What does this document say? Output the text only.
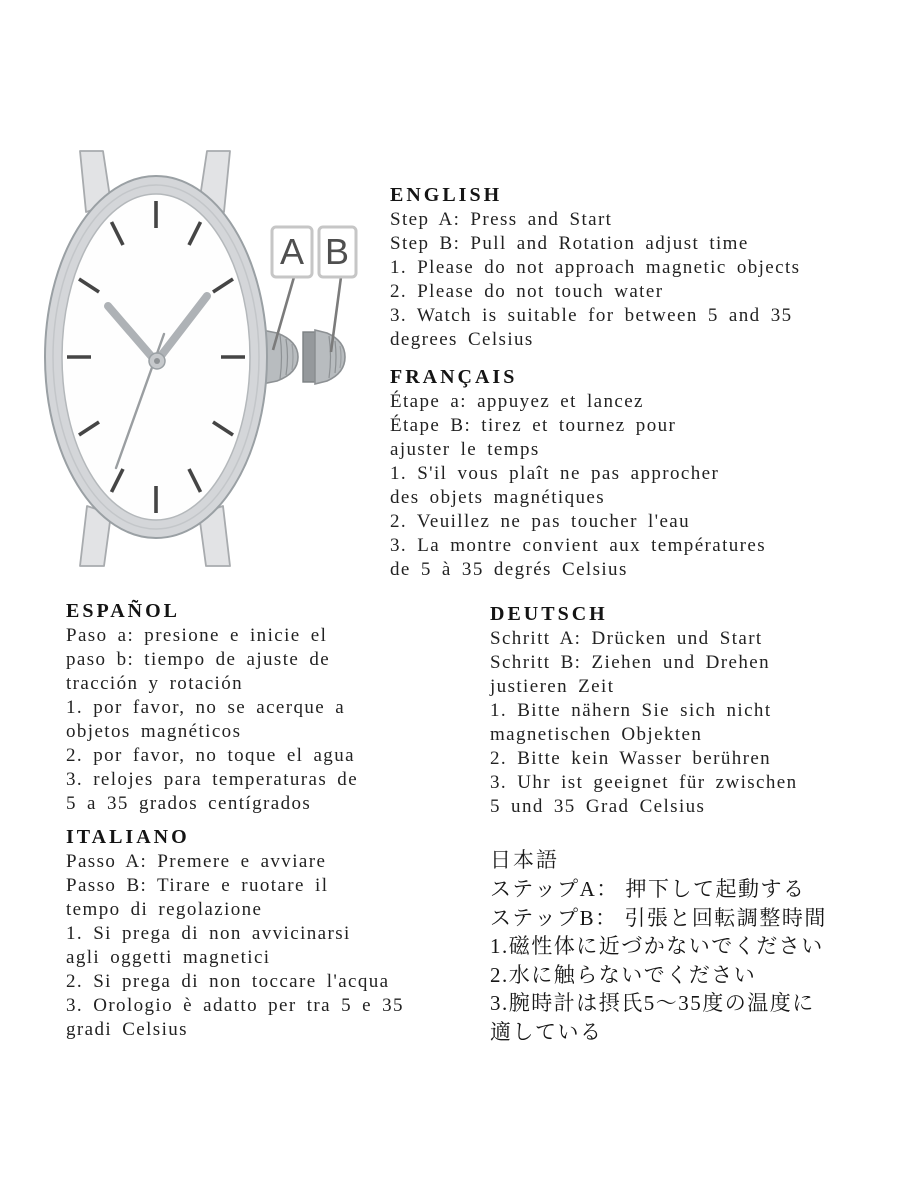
A B
ENGLISH
Step A: Press and Start
Step B: Pull and Rotation adjust time
1. Please do not approach magnetic objects
2. Please do not touch water
3. Watch is suitable for between 5 and 35
degrees Celsius
FRANÇAIS
Étape a: appuyez et lancez
Étape B: tirez et tournez pour
ajuster le temps
1. S'il vous plaît ne pas approcher
des objets magnétiques
2. Veuillez ne pas toucher l'eau
3. La montre convient aux températures
de 5 à 35 degrés Celsius
ESPAÑOL
Paso a: presione e inicie el
paso b: tiempo de ajuste de
tracción y rotación
1. por favor, no se acerque a
objetos magnéticos
2. por favor, no toque el agua
3. relojes para temperaturas de
5 a 35 grados centígrados
DEUTSCH
Schritt A: Drücken und Start
Schritt B: Ziehen und Drehen
justieren Zeit
1. Bitte nähern Sie sich nicht
magnetischen Objekten
2. Bitte kein Wasser berühren
3. Uhr ist geeignet für zwischen
5 und 35 Grad Celsius
ITALIANO
Passo A: Premere e avviare
Passo B: Tirare e ruotare il
tempo di regolazione
1. Si prega di non avvicinarsi
agli oggetti magnetici
2. Si prega di non toccare l'acqua
3. Orologio è adatto per tra 5 e 35
gradi Celsius
日本語
ステップA： 押下して起動する
ステップB： 引張と回転調整時間
1.磁性体に近づかないでください
2.水に触らないでください
3.腕時計は摂氏5～35度の温度に
適している
